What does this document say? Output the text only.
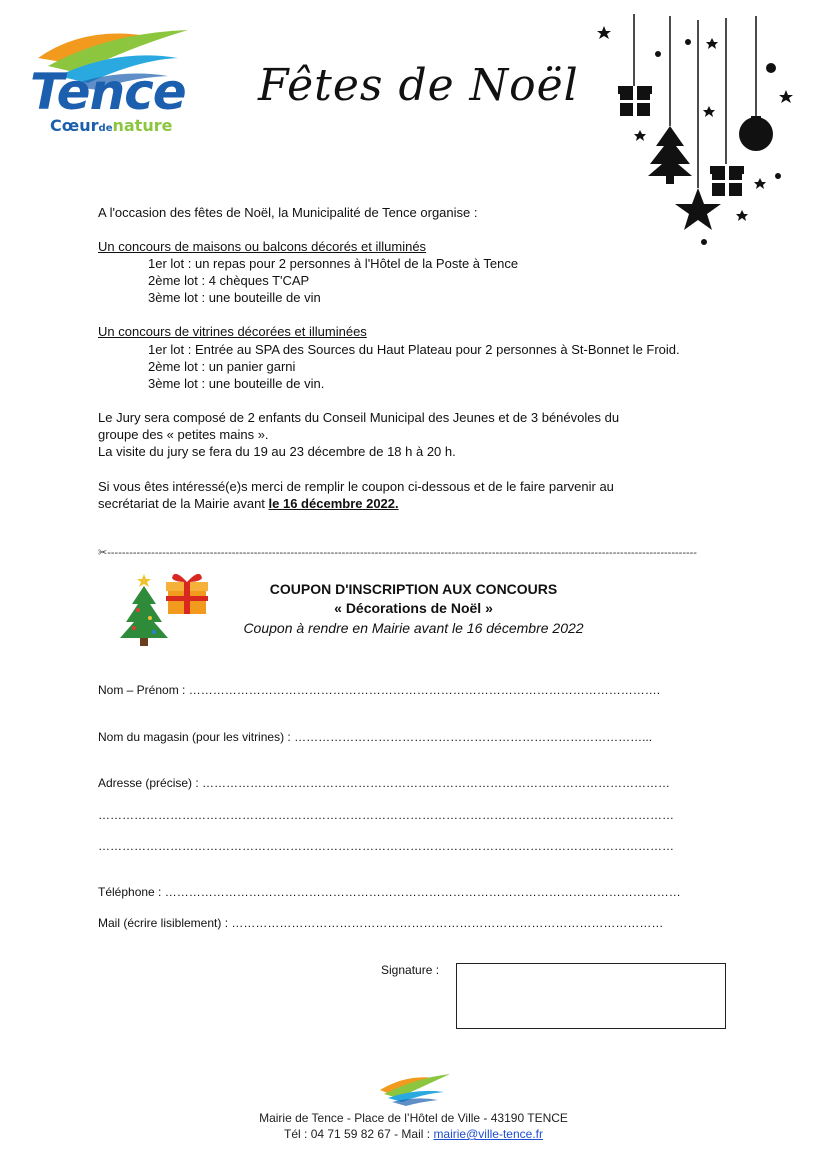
Tence
Cœurdenature
Fêtes de Noël
A l'occasion des fêtes de Noël, la Municipalité de Tence organise :
Un concours de maisons ou balcons décorés et illuminés
1er lot : un repas pour 2 personnes à l'Hôtel de la Poste à Tence
2ème lot : 4 chèques T'CAP
3ème lot : une bouteille de vin
Un concours de vitrines décorées et illuminées
1er lot : Entrée au SPA des Sources du Haut Plateau pour 2 personnes à St-Bonnet le Froid.
2ème lot : un panier garni
3ème lot : une bouteille de vin.
Le Jury sera composé de 2 enfants du Conseil Municipal des Jeunes et de 3 bénévoles du
groupe des « petites mains ».
La visite du jury se fera du 19 au 23 décembre de 18 h à 20 h.
Si vous êtes intéressé(e)s merci de remplir le coupon ci-dessous et de le faire parvenir au
secrétariat de la Mairie avant le 16 décembre 2022.
✂-----------------------------------------------------------------------------------------------------------------------------------------------------------------
COUPON D'INSCRIPTION AUX CONCOURS
« Décorations de Noël »
Coupon à rendre en Mairie avant le 16 décembre 2022
Nom – Prénom : ……………………………………………………………………………………………………….
Nom du magasin (pour les vitrines) : ……………………………………………………………………………...
Adresse (précise) : ………………………………………………………………………………………………………
………………………………………………………………………………………………………………………………
………………………………………………………………………………………………………………………………
Téléphone : …………………………………………………………………………………………………………………
Mail (écrire lisiblement) : ………………………………………………………………………………………………
Signature :
Mairie de Tence - Place de l’Hôtel de Ville - 43190 TENCE
Tél : 04 71 59 82 67 - Mail : mairie@ville-tence.fr
